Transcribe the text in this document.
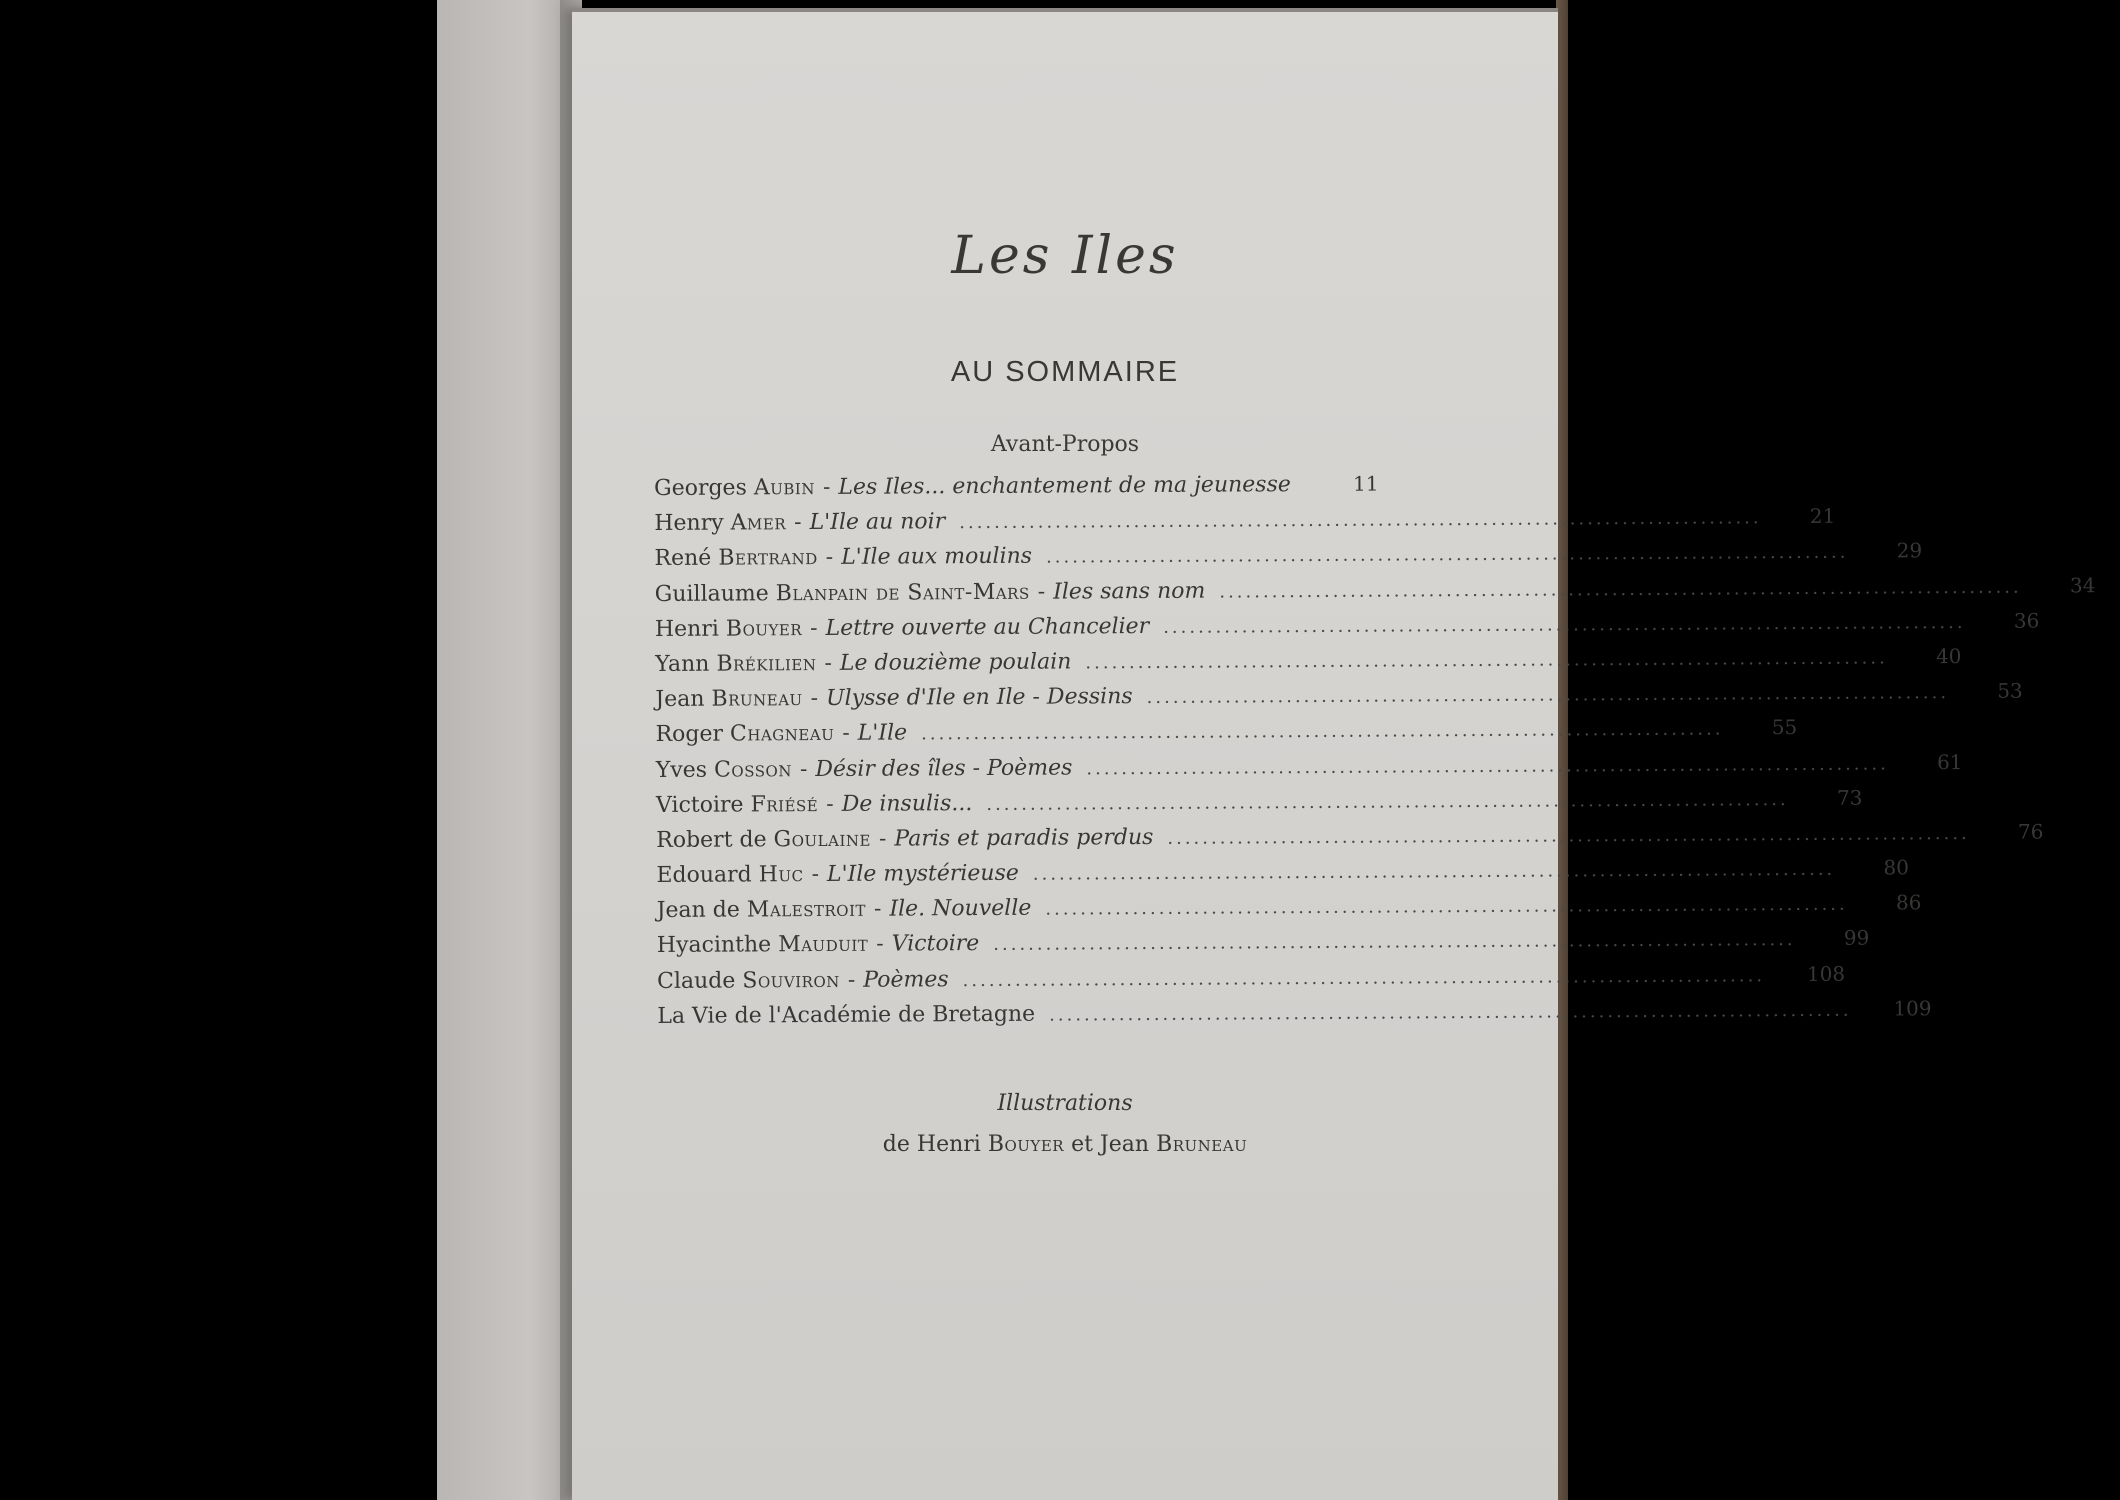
Les Iles
AU SOMMAIRE
Avant-Propos
Georges Aubin - Les Iles... enchantement de ma jeunesse	11
Henry Amer - L'Ile au noir ............................................................................................	21
René Bertrand - L'Ile aux moulins ............................................................................................	29
Guillaume Blanpain de Saint-Mars - Iles sans nom ............................................................................................	34
Henri Bouyer - Lettre ouverte au Chancelier ............................................................................................	36
Yann Brékilien - Le douzième poulain ............................................................................................	40
Jean Bruneau - Ulysse d'Ile en Ile - Dessins ............................................................................................	53
Roger Chagneau - L'Ile ............................................................................................	55
Yves Cosson - Désir des îles - Poèmes ............................................................................................	61
Victoire Friésé - De insulis... ............................................................................................	73
Robert de Goulaine - Paris et paradis perdus ............................................................................................	76
Edouard Huc - L'Ile mystérieuse ............................................................................................	80
Jean de Malestroit - Ile. Nouvelle ............................................................................................	86
Hyacinthe Mauduit - Victoire ............................................................................................	99
Claude Souviron - Poèmes ............................................................................................	108
La Vie de l'Académie de Bretagne ............................................................................................	109
Illustrations
de Henri Bouyer et Jean Bruneau
